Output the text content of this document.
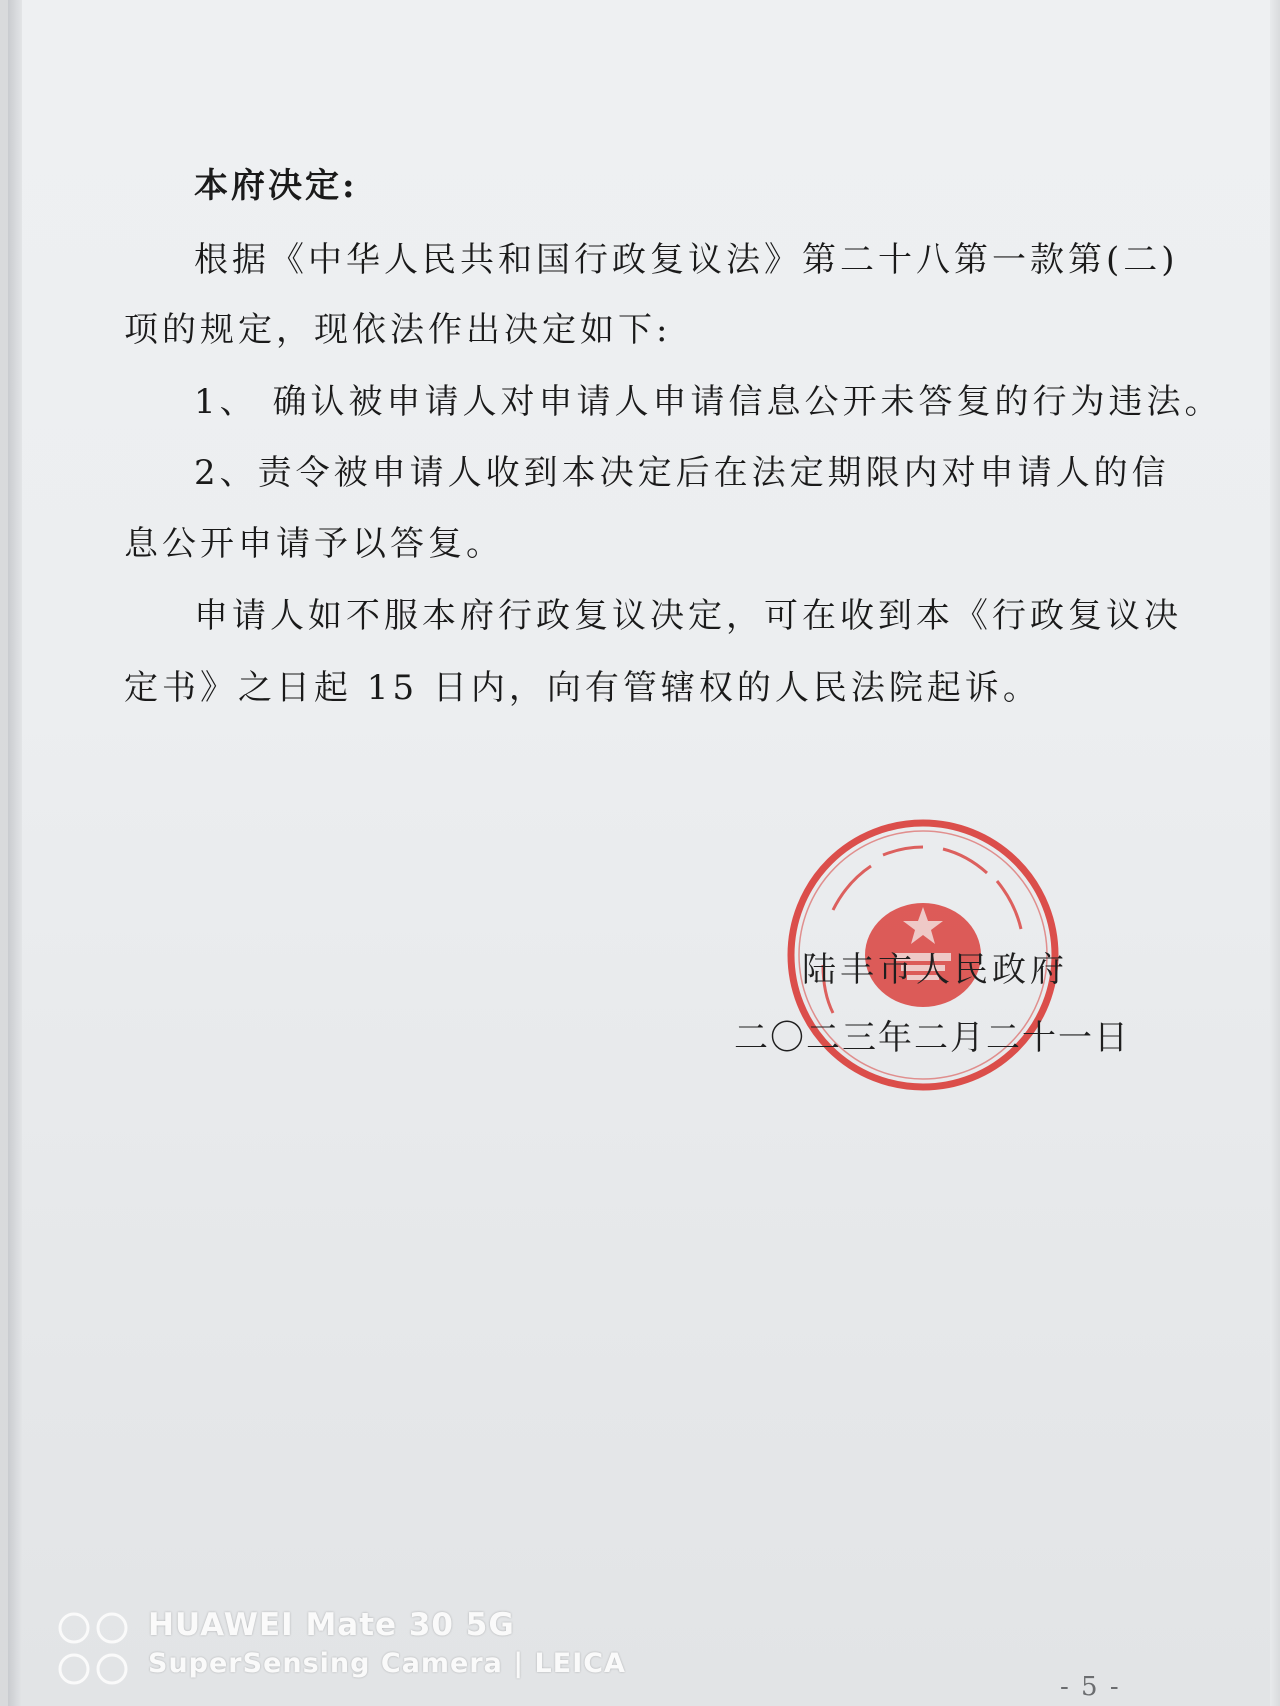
本府决定:

根据《中华人民共和国行政复议法》第二十八第一款第(二)

项的规定，现依法作出决定如下:

1、 确认被申请人对申请人申请信息公开未答复的行为违法。

2、责令被申请人收到本决定后在法定期限内对申请人的信

息公开申请予以答复。

申请人如不服本府行政复议决定，可在收到本《行政复议决

定书》之日起 15 日内，向有管辖权的人民法院起诉。

陆丰市人民政府

二〇二三年二月二十一日

- 5 -
HUAWEI Mate 30 5G
SuperSensing Camera | LEICA
